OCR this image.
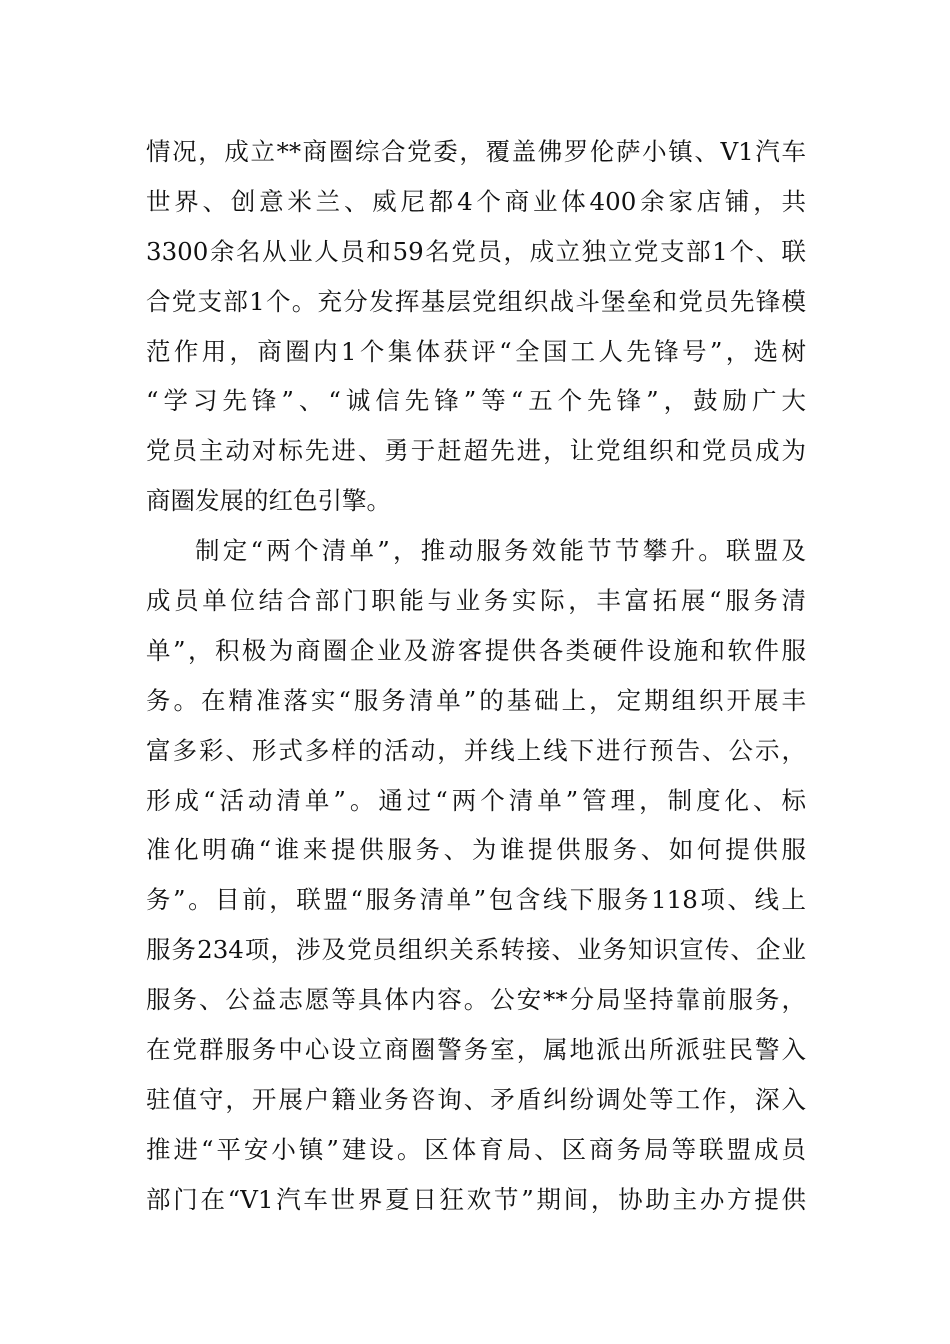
情况，成立**商圈综合党委，覆盖佛罗伦萨小镇、V1汽车
世界、创意米兰、威尼都4个商业体400余家店铺，共
3300余名从业人员和59名党员，成立独立党支部1个、联
合党支部1个。充分发挥基层党组织战斗堡垒和党员先锋模
范作用，商圈内1个集体获评“全国工人先锋号”，选树
“学习先锋”、“诚信先锋”等“五个先锋”，鼓励广大
党员主动对标先进、勇于赶超先进，让党组织和党员成为
商圈发展的红色引擎。
制定“两个清单”，推动服务效能节节攀升。联盟及
成员单位结合部门职能与业务实际，丰富拓展“服务清
单”，积极为商圈企业及游客提供各类硬件设施和软件服
务。在精准落实“服务清单”的基础上，定期组织开展丰
富多彩、形式多样的活动，并线上线下进行预告、公示，
形成“活动清单”。通过“两个清单”管理，制度化、标
准化明确“谁来提供服务、为谁提供服务、如何提供服
务”。目前，联盟“服务清单”包含线下服务118项、线上
服务234项，涉及党员组织关系转接、业务知识宣传、企业
服务、公益志愿等具体内容。公安**分局坚持靠前服务，
在党群服务中心设立商圈警务室，属地派出所派驻民警入
驻值守，开展户籍业务咨询、矛盾纠纷调处等工作，深入
推进“平安小镇”建设。区体育局、区商务局等联盟成员
部门在“V1汽车世界夏日狂欢节”期间，协助主办方提供
